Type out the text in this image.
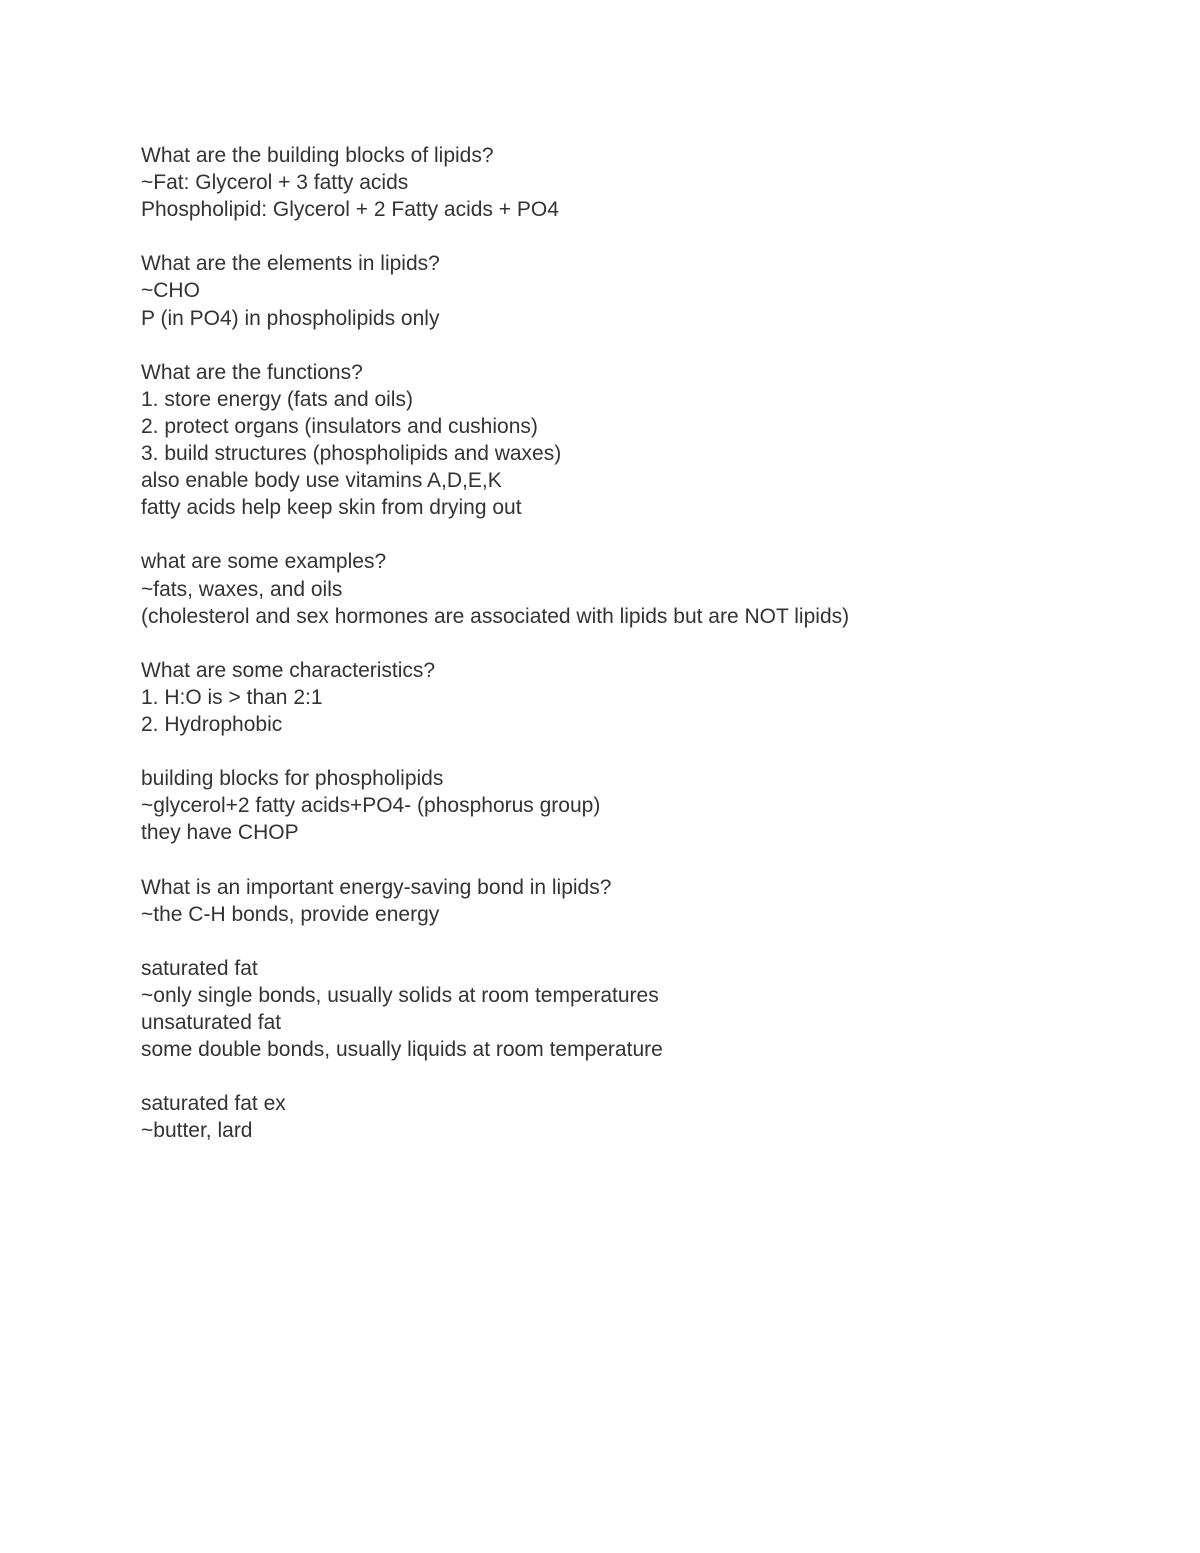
What are the building blocks of lipids?
~Fat: Glycerol + 3 fatty acids
Phospholipid: Glycerol + 2 Fatty acids + PO4
What are the elements in lipids?
~CHO
P (in PO4) in phospholipids only
What are the functions?
1. store energy (fats and oils)
2. protect organs (insulators and cushions)
3. build structures (phospholipids and waxes)
also enable body use vitamins A,D,E,K
fatty acids help keep skin from drying out
what are some examples?
~fats, waxes, and oils
(cholesterol and sex hormones are associated with lipids but are NOT lipids)
What are some characteristics?
1. H:O is > than 2:1
2. Hydrophobic
building blocks for phospholipids
~glycerol+2 fatty acids+PO4- (phosphorus group)
they have CHOP
What is an important energy-saving bond in lipids?
~the C-H bonds, provide energy
saturated fat
~only single bonds, usually solids at room temperatures
unsaturated fat
some double bonds, usually liquids at room temperature
saturated fat ex
~butter, lard
